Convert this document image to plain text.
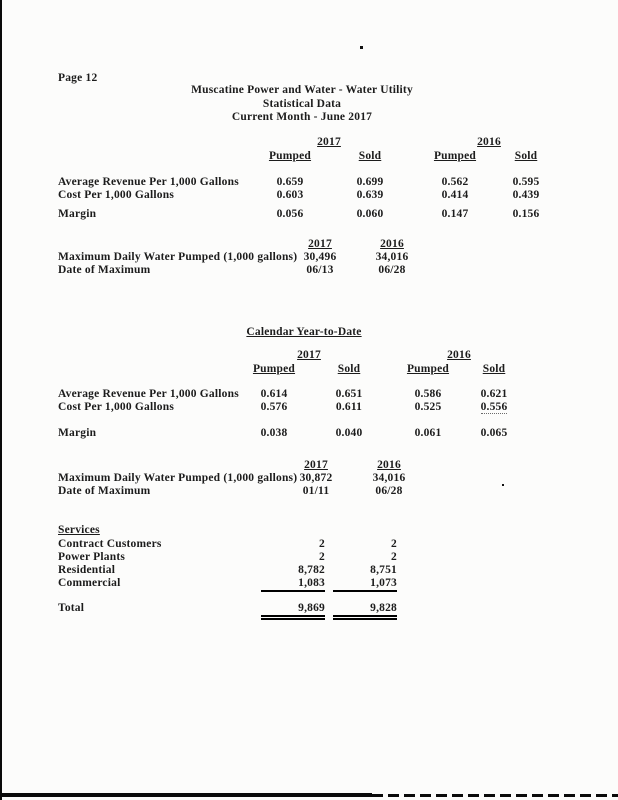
Page 12
Muscatine Power and Water - Water Utility
Statistical Data
Current Month - June 2017
2017	2016
Pumped	Sold	Pumped	Sold
Average Revenue Per 1,000 Gallons	0.659	0.699	0.562	0.595
Cost Per 1,000 Gallons	0.603	0.639	0.414	0.439
Margin	0.056	0.060	0.147	0.156
2017	2016
Maximum Daily Water Pumped (1,000 gallons) 30,496	34,016
Date of Maximum	06/13	06/28
Calendar Year-to-Date
2017	2016
Pumped	Sold	Pumped	Sold
Average Revenue Per 1,000 Gallons	0.614	0.651	0.586	0.621
Cost Per 1,000 Gallons	0.576	0.611	0.525	0.556
Margin	0.038	0.040	0.061	0.065
2017	2016
Maximum Daily Water Pumped (1,000 gallons) 30,872	34,016
Date of Maximum	01/11	06/28
Services
Contract Customers	2	2
Power Plants	2	2
Residential	8,782	8,751
Commercial	1,083	1,073
Total	9,869	9,828
